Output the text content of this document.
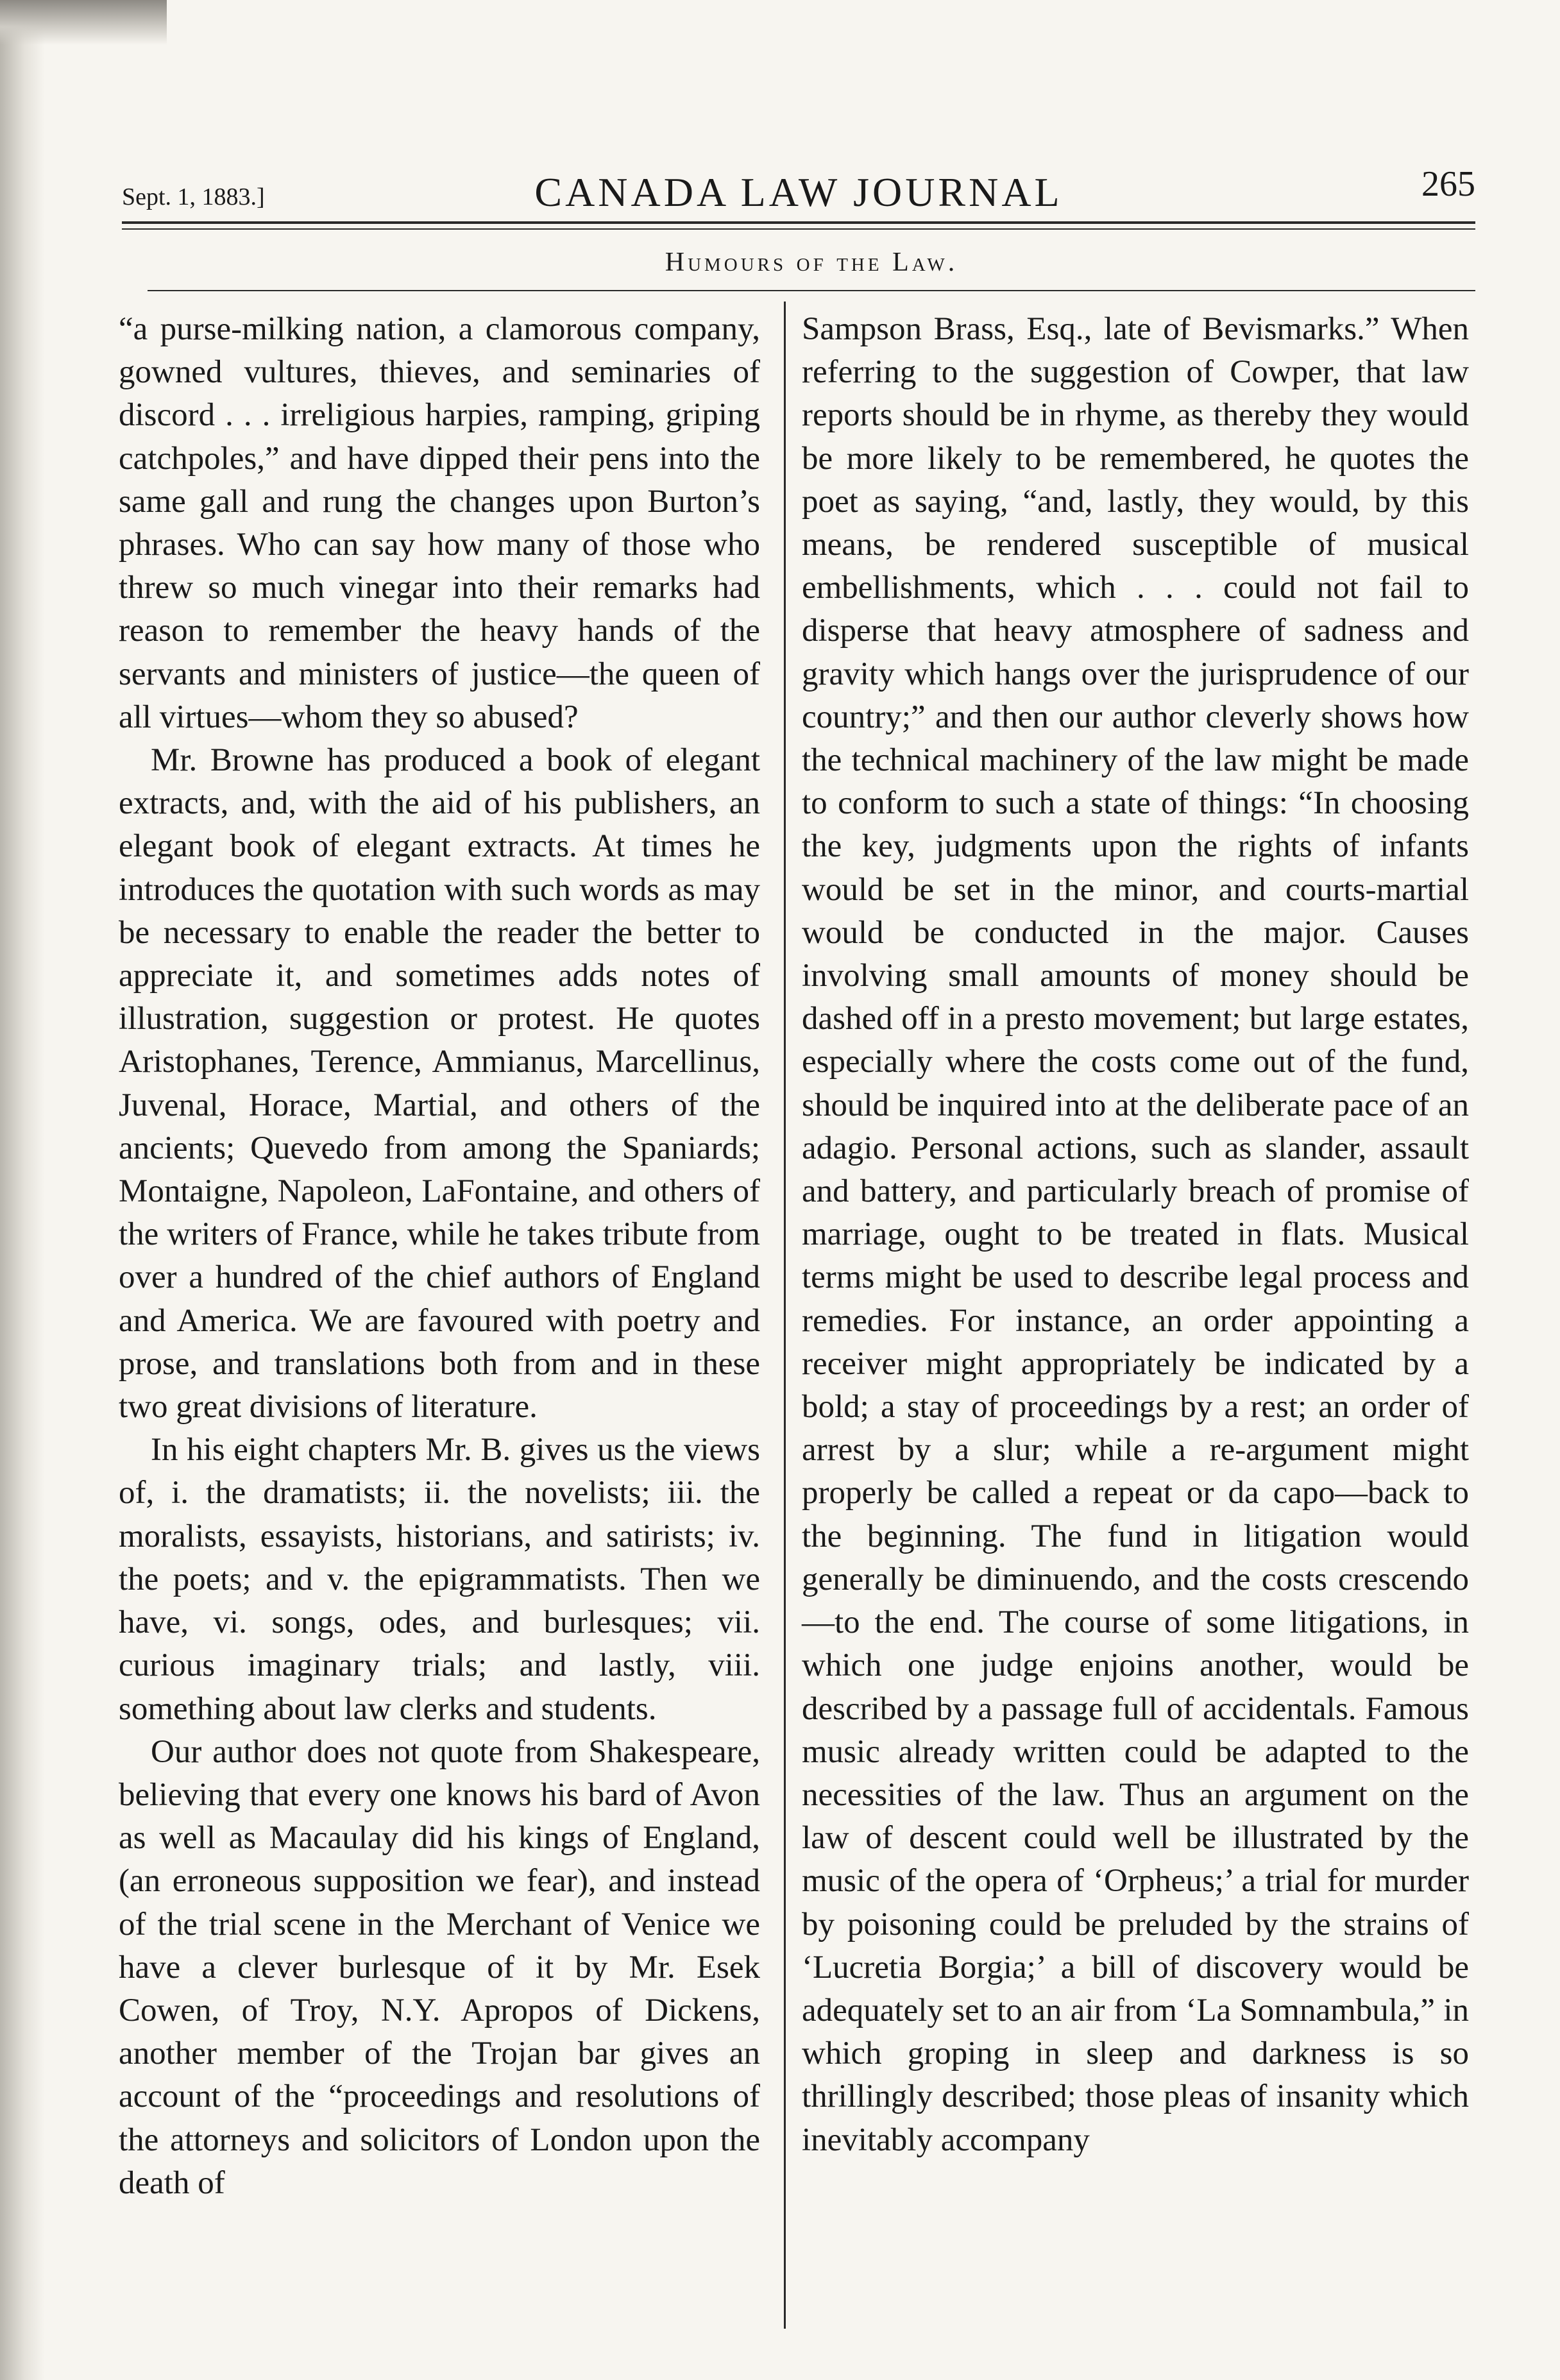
Sept. 1, 1883.]	CANADA LAW JOURNAL	265
Humours of the Law.

“a purse-milking nation, a clamorous company, gowned vultures, thieves, and seminaries of discord . . . irreligious harpies, ramping, griping catchpoles,” and have dipped their pens into the same gall and rung the changes upon Burton’s phrases. Who can say how many of those who threw so much vinegar into their remarks had reason to remember the heavy hands of the servants and ministers of justice—the queen of all virtues—whom they so abused?

Mr. Browne has produced a book of elegant extracts, and, with the aid of his publishers, an elegant book of elegant extracts. At times he introduces the quotation with such words as may be necessary to enable the reader the better to appreciate it, and sometimes adds notes of illustration, suggestion or protest. He quotes Aristophanes, Terence, Ammianus, Marcellinus, Juvenal, Horace, Martial, and others of the ancients; Quevedo from among the Spaniards; Montaigne, Napoleon, LaFontaine, and others of the writers of France, while he takes tribute from over a hundred of the chief authors of England and America. We are favoured with poetry and prose, and translations both from and in these two great divisions of literature.

In his eight chapters Mr. B. gives us the views of, i. the dramatists; ii. the novelists; iii. the moralists, essayists, historians, and satirists; iv. the poets; and v. the epigrammatists. Then we have, vi. songs, odes, and burlesques; vii. curious imaginary trials; and lastly, viii. something about law clerks and students.

Our author does not quote from Shakespeare, believing that every one knows his bard of Avon as well as Macaulay did his kings of England, (an erroneous supposition we fear), and instead of the trial scene in the Merchant of Venice we have a clever burlesque of it by Mr. Esek Cowen, of Troy, N.Y. Apropos of Dickens, another member of the Trojan bar gives an account of the “proceedings and resolutions of the attorneys and solicitors of London upon the death of

Sampson Brass, Esq., late of Bevismarks.” When referring to the suggestion of Cowper, that law reports should be in rhyme, as thereby they would be more likely to be remembered, he quotes the poet as saying, “and, lastly, they would, by this means, be rendered susceptible of musical embellishments, which . . . could not fail to disperse that heavy atmosphere of sadness and gravity which hangs over the jurisprudence of our country;” and then our author cleverly shows how the technical machinery of the law might be made to conform to such a state of things: “In choosing the key, judgments upon the rights of infants would be set in the minor, and courts-martial would be conducted in the major. Causes involving small amounts of money should be dashed off in a presto movement; but large estates, especially where the costs come out of the fund, should be inquired into at the deliberate pace of an adagio. Personal actions, such as slander, assault and battery, and particularly breach of promise of marriage, ought to be treated in flats. Musical terms might be used to describe legal process and remedies. For instance, an order appointing a receiver might appropriately be indicated by a bold; a stay of proceedings by a rest; an order of arrest by a slur; while a re-argument might properly be called a repeat or da capo—back to the beginning. The fund in litigation would generally be diminuendo, and the costs crescendo—to the end. The course of some litigations, in which one judge enjoins another, would be described by a passage full of accidentals. Famous music already written could be adapted to the necessities of the law. Thus an argument on the law of descent could well be illustrated by the music of the opera of ‘Orpheus;’ a trial for murder by poisoning could be preluded by the strains of ‘Lucretia Borgia;’ a bill of discovery would be adequately set to an air from ‘La Somnambula,” in which groping in sleep and darkness is so thrillingly described; those pleas of insanity which inevitably accompany
